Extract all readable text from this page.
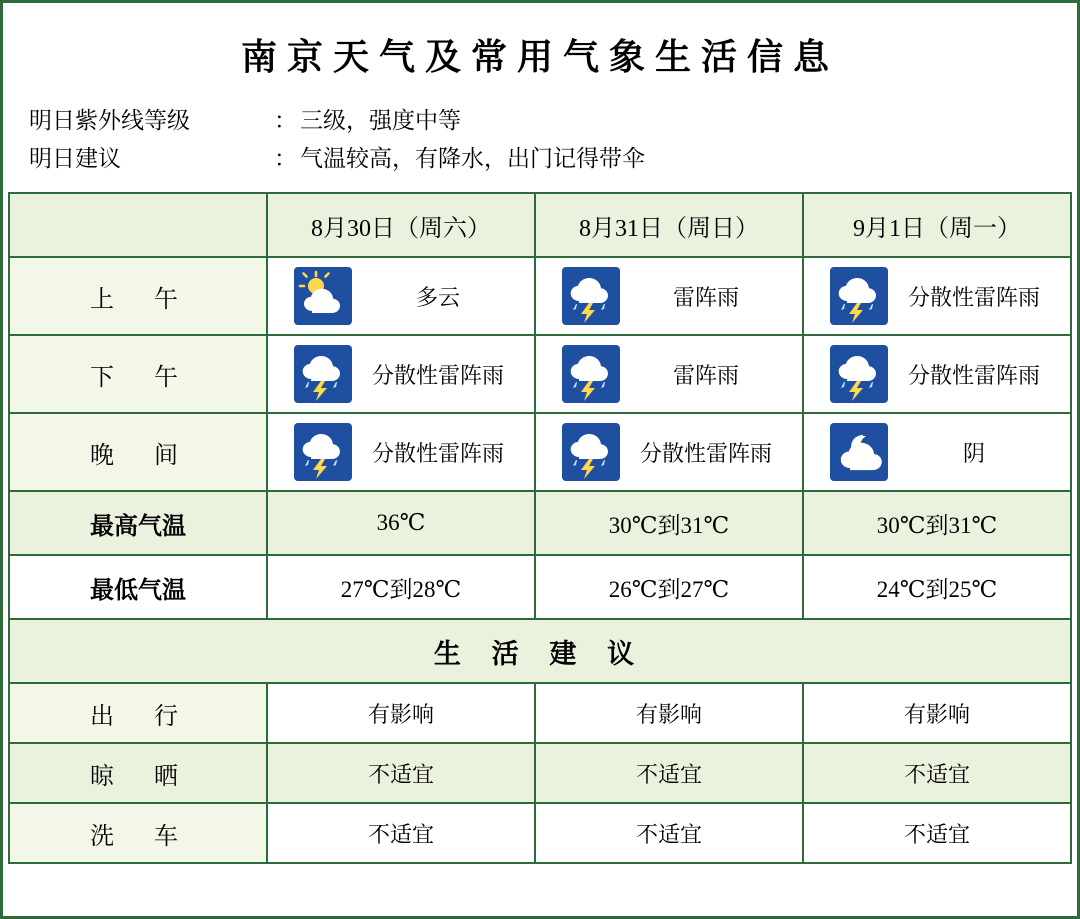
南京天气及常用气象生活信息
明日紫外线等级	： 三级，强度中等
明日建议	： 气温较高，有降水，出门记得带伞
	8月30日（周六）	8月31日（周日）	9月1日（周一）
上　午	多云	雷阵雨	分散性雷阵雨

下　午	分散性雷阵雨	雷阵雨	分散性雷阵雨

晚　间	分散性雷阵雨	分散性雷阵雨	阴

最高气温	36℃	30℃到31℃	30℃到31℃
最低气温	27℃到28℃	26℃到27℃	24℃到25℃
生 活 建 议			
出　行	有影响	有影响	有影响
晾　晒	不适宜	不适宜	不适宜
洗　车	不适宜	不适宜	不适宜
